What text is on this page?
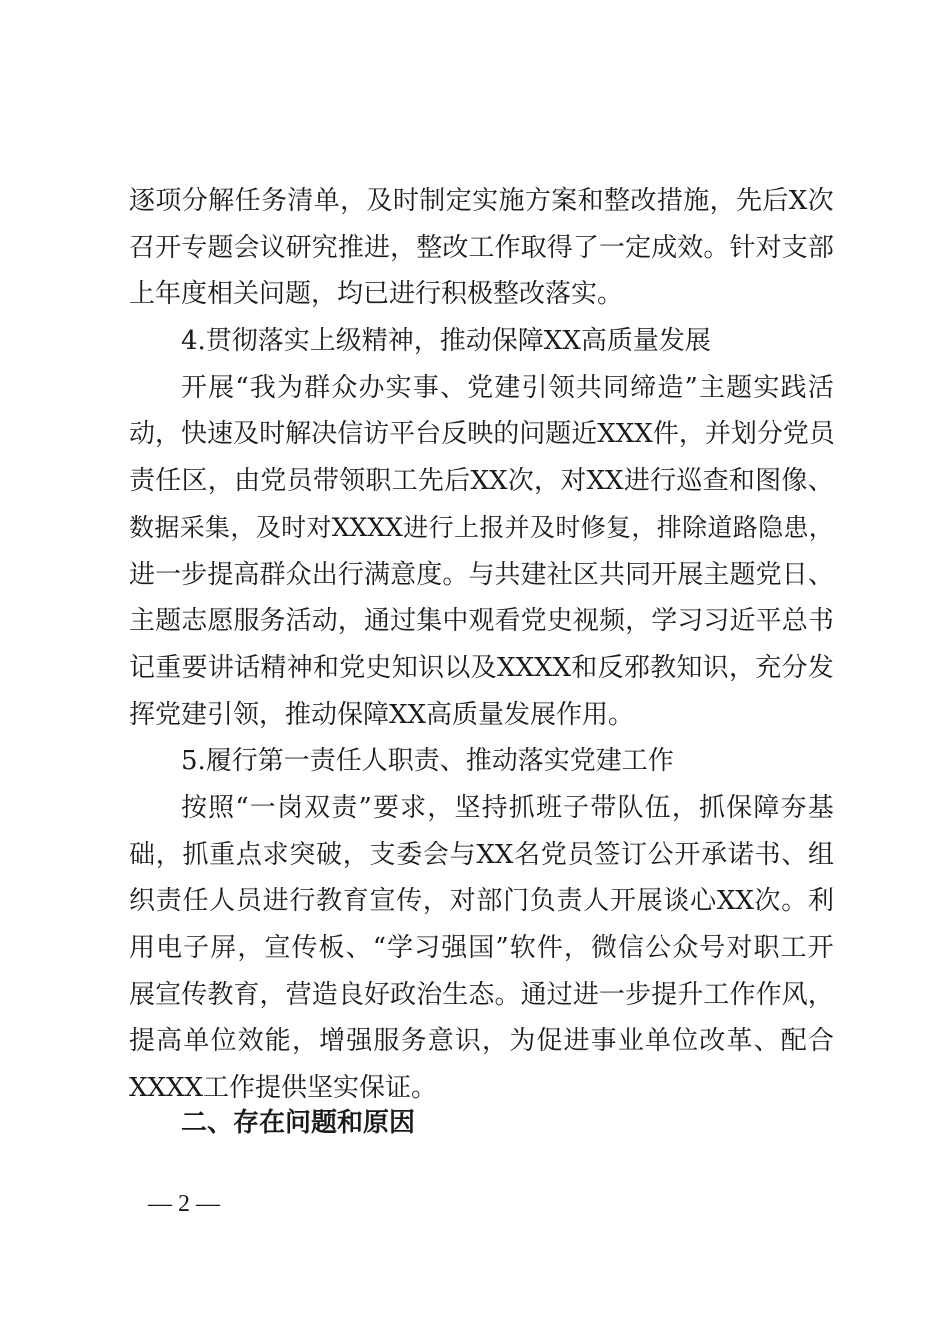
逐 项 分 解 任 务 清 单 ， 及 时 制 定 实 施 方 案 和 整 改 措 施 ， 先 后 X 次
召 开 专 题 会 议 研 究 推 进 ， 整 改 工 作 取 得 了 一 定 成 效 。 针 对 支 部
上年度相关问题，均已进行积极整改落实。
4.贯彻落实上级精神，推动保障XX高质量发展
开 展 “ 我 为 群 众 办 实 事 、 党 建 引 领 共 同 缔 造 ” 主 题 实 践 活
动 ， 快 速 及 时 解 决 信 访 平 台 反 映 的 问 题 近 XXX 件 ， 并 划 分 党 员
责 任 区 ， 由 党 员 带 领 职 工 先 后 XX 次 ， 对 XX 进 行 巡 查 和 图 像 、
数 据 采 集 ， 及 时 对 XXXX 进 行 上 报 并 及 时 修 复 ， 排 除 道 路 隐 患 ，
进 一 步 提 高 群 众 出 行 满 意 度 。 与 共 建 社 区 共 同 开 展 主 题 党 日 、
主 题 志 愿 服 务 活 动 ， 通 过 集 中 观 看 党 史 视 频 ， 学 习 习 近 平 总 书
记 重 要 讲 话 精 神 和 党 史 知 识 以 及 XXXX 和 反 邪 教 知 识 ， 充 分 发
挥党建引领，推动保障XX高质量发展作用。
5.履行第一责任人职责、推动落实党建工作
按 照 “ 一 岗 双 责 ” 要 求 ， 坚 持 抓 班 子 带 队 伍 ， 抓 保 障 夯 基
础 ， 抓 重 点 求 突 破 ， 支 委 会 与 XX 名 党 员 签 订 公 开 承 诺 书 、 组
织 责 任 人 员 进 行 教 育 宣 传 ， 对 部 门 负 责 人 开 展 谈 心 XX 次 。 利
用 电 子 屏 ， 宣 传 板 、 “ 学 习 强 国 ” 软 件 ， 微 信 公 众 号 对 职 工 开
展 宣 传 教 育 ， 营 造 良 好 政 治 生 态 。 通 过 进 一 步 提 升 工 作 作 风 ，
提 高 单 位 效 能 ， 增 强 服 务 意 识 ， 为 促 进 事 业 单 位 改 革 、 配 合
XXXX工作提供坚实保证。
二、存在问题和原因
— 2 —
